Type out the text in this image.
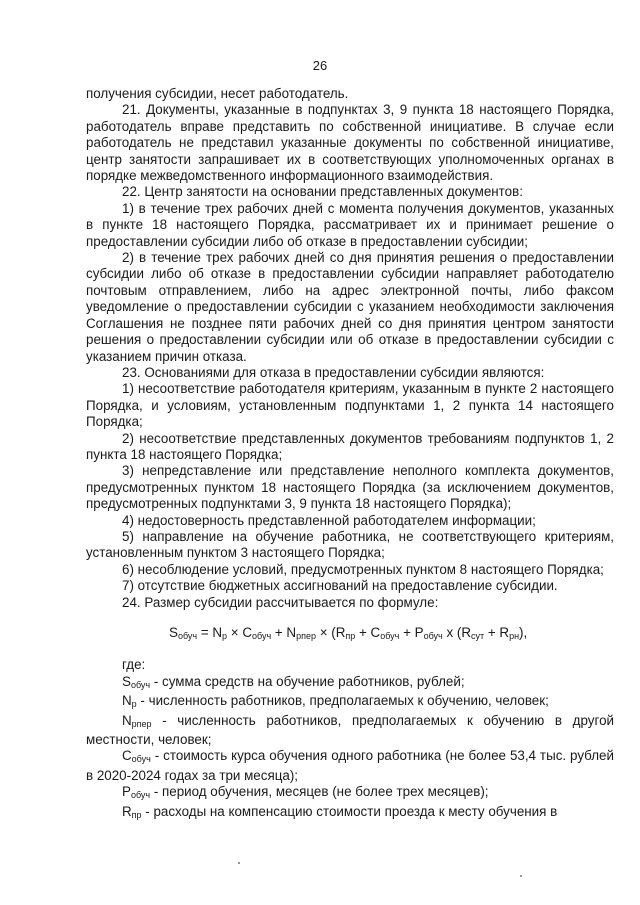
26

получения субсидии, несет работодатель.

21. Документы, указанные в подпунктах 3, 9 пункта 18 настоящего Порядка, работодатель вправе представить по собственной инициативе. В случае если работодатель не представил указанные документы по собственной инициативе, центр занятости запрашивает их в соответствующих уполномоченных органах в порядке межведомственного информационного взаимодействия.

22. Центр занятости на основании представленных документов:

1) в течение трех рабочих дней с момента получения документов, указанных в пункте 18 настоящего Порядка, рассматривает их и принимает решение о предоставлении субсидии либо об отказе в предоставлении субсидии;

2) в течение трех рабочих дней со дня принятия решения о предоставлении субсидии либо об отказе в предоставлении субсидии направляет работодателю почтовым отправлением, либо на адрес электронной почты, либо факсом уведомление о предоставлении субсидии с указанием необходимости заключения Соглашения не позднее пяти рабочих дней со дня принятия центром занятости решения о предоставлении субсидии или об отказе в предоставлении субсидии с указанием причин отказа.

23. Основаниями для отказа в предоставлении субсидии являются:

1) несоответствие работодателя критериям, указанным в пункте 2 настоящего Порядка, и условиям, установленным подпунктами 1, 2 пункта 14 настоящего Порядка;

2) несоответствие представленных документов требованиям подпунктов 1, 2 пункта 18 настоящего Порядка;

3) непредставление или представление неполного комплекта документов, предусмотренных пунктом 18 настоящего Порядка (за исключением документов, предусмотренных подпунктами 3, 9 пункта 18 настоящего Порядка);

4) недостоверность представленной работодателем информации;

5) направление на обучение работника, не соответствующего критериям, установленным пунктом 3 настоящего Порядка;

6) несоблюдение условий, предусмотренных пунктом 8 настоящего Порядка;

7) отсутствие бюджетных ассигнований на предоставление субсидии.

24. Размер субсидии рассчитывается по формуле:

$S_{обуч} = N_р \times C_{обуч} + N_{рпер} \times (R_{пр} + C_{обуч} + P_{обуч}$ x $(R_{сут} + R_{рн})$,

где:

$S_{обуч}$ - сумма средств на обучение работников, рублей;

$N_р$ - численность работников, предполагаемых к обучению, человек;

$N_{рпер}$ - численность работников, предполагаемых к обучению в другой местности, человек;

$C_{обуч}$ - стоимость курса обучения одного работника (не более 53,4 тыс. рублей в 2020-2024 годах за три месяца);

$P_{обуч}$ - период обучения, месяцев (не более трех месяцев);

$R_{пр}$ - расходы на компенсацию стоимости проезда к месту обучения в
